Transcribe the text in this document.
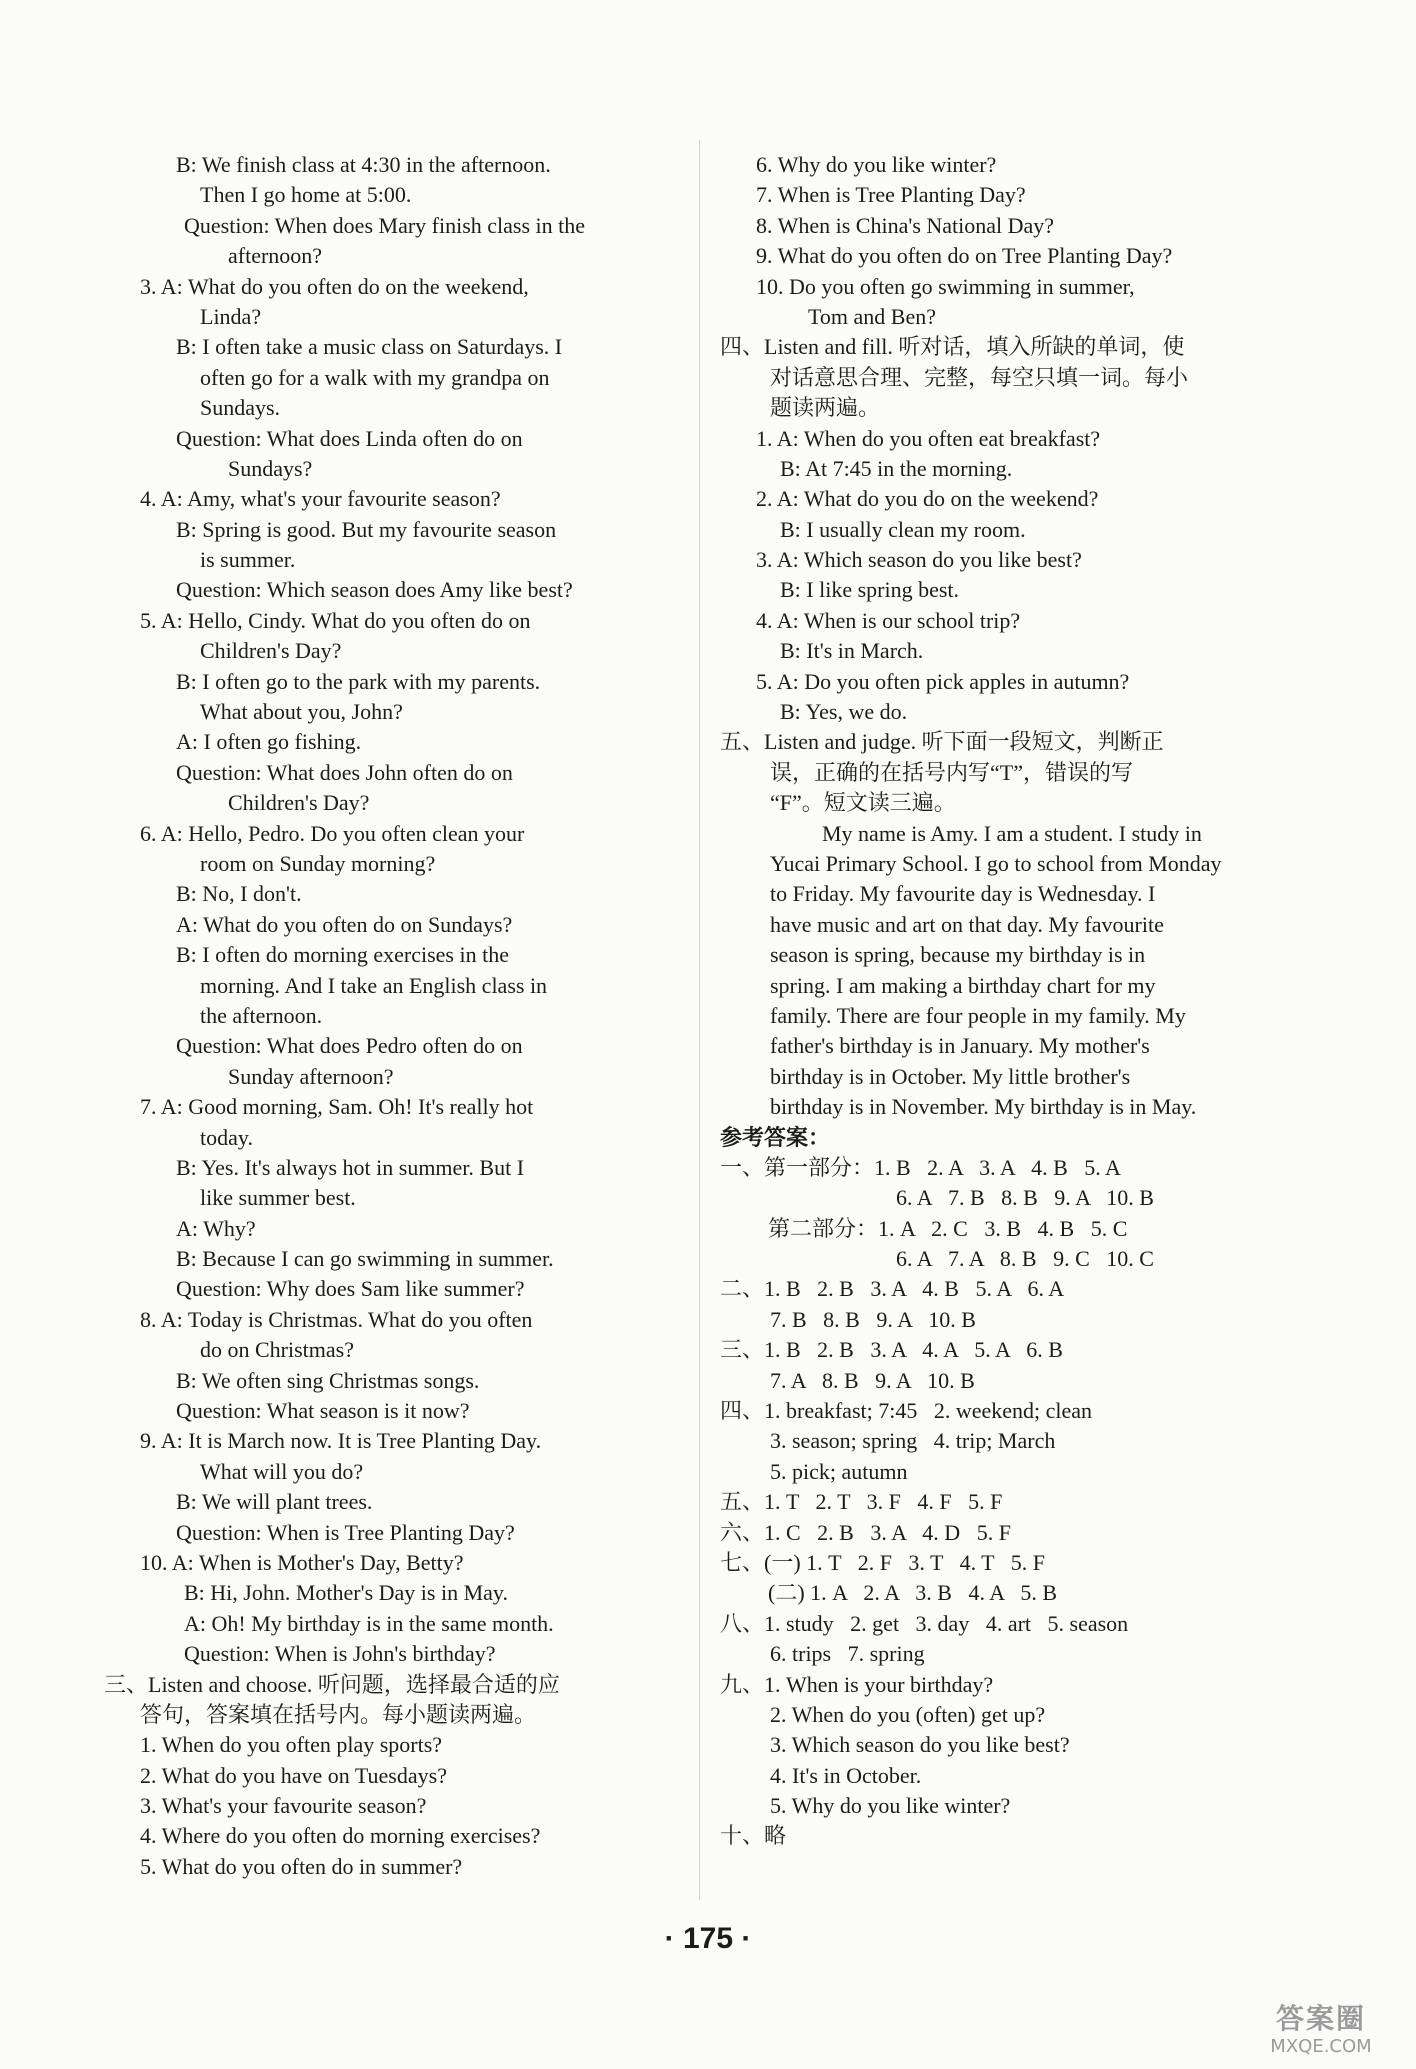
B: We finish class at 4:30 in the afternoon.
Then I go home at 5:00.
Question: When does Mary finish class in the
afternoon?
3. A: What do you often do on the weekend,
Linda?
B: I often take a music class on Saturdays. I
often go for a walk with my grandpa on
Sundays.
Question: What does Linda often do on
Sundays?
4. A: Amy, what's your favourite season?
B: Spring is good. But my favourite season
is summer.
Question: Which season does Amy like best?
5. A: Hello, Cindy. What do you often do on
Children's Day?
B: I often go to the park with my parents.
What about you, John?
A: I often go fishing.
Question: What does John often do on
Children's Day?
6. A: Hello, Pedro. Do you often clean your
room on Sunday morning?
B: No, I don't.
A: What do you often do on Sundays?
B: I often do morning exercises in the
morning. And I take an English class in
the afternoon.
Question: What does Pedro often do on
Sunday afternoon?
7. A: Good morning, Sam. Oh! It's really hot
today.
B: Yes. It's always hot in summer. But I
like summer best.
A: Why?
B: Because I can go swimming in summer.
Question: Why does Sam like summer?
8. A: Today is Christmas. What do you often
do on Christmas?
B: We often sing Christmas songs.
Question: What season is it now?
9. A: It is March now. It is Tree Planting Day.
What will you do?
B: We will plant trees.
Question: When is Tree Planting Day?
10. A: When is Mother's Day, Betty?
B: Hi, John. Mother's Day is in May.
A: Oh! My birthday is in the same month.
Question: When is John's birthday?
三、Listen and choose. 听问题，选择最合适的应
答句，答案填在括号内。每小题读两遍。
1. When do you often play sports?
2. What do you have on Tuesdays?
3. What's your favourite season?
4. Where do you often do morning exercises?
5. What do you often do in summer?
6. Why do you like winter?
7. When is Tree Planting Day?
8. When is China's National Day?
9. What do you often do on Tree Planting Day?
10. Do you often go swimming in summer,
Tom and Ben?
四、Listen and fill. 听对话，填入所缺的单词，使
对话意思合理、完整，每空只填一词。每小
题读两遍。
1. A: When do you often eat breakfast?
B: At 7:45 in the morning.
2. A: What do you do on the weekend?
B: I usually clean my room.
3. A: Which season do you like best?
B: I like spring best.
4. A: When is our school trip?
B: It's in March.
5. A: Do you often pick apples in autumn?
B: Yes, we do.
五、Listen and judge. 听下面一段短文，判断正
误，正确的在括号内写“T”，错误的写
“F”。短文读三遍。
My name is Amy. I am a student. I study in
Yucai Primary School. I go to school from Monday
to Friday. My favourite day is Wednesday. I
have music and art on that day. My favourite
season is spring, because my birthday is in
spring. I am making a birthday chart for my
family. There are four people in my family. My
father's birthday is in January. My mother's
birthday is in October. My little brother's
birthday is in November. My birthday is in May.
参考答案：
一、第一部分：1. B   2. A   3. A   4. B   5. A
6. A   7. B   8. B   9. A   10. B
第二部分：1. A   2. C   3. B   4. B   5. C
6. A   7. A   8. B   9. C   10. C
二、1. B   2. B   3. A   4. B   5. A   6. A
7. B   8. B   9. A   10. B
三、1. B   2. B   3. A   4. A   5. A   6. B
7. A   8. B   9. A   10. B
四、1. breakfast; 7:45   2. weekend; clean
3. season; spring   4. trip; March
5. pick; autumn
五、1. T   2. T   3. F   4. F   5. F
六、1. C   2. B   3. A   4. D   5. F
七、(一) 1. T   2. F   3. T   4. T   5. F
(二) 1. A   2. A   3. B   4. A   5. B
八、1. study   2. get   3. day   4. art   5. season
6. trips   7. spring
九、1. When is your birthday?
2. When do you (often) get up?
3. Which season do you like best?
4. It's in October.
5. Why do you like winter?
十、略
· 175 ·
答案圈
MXQE.COM
